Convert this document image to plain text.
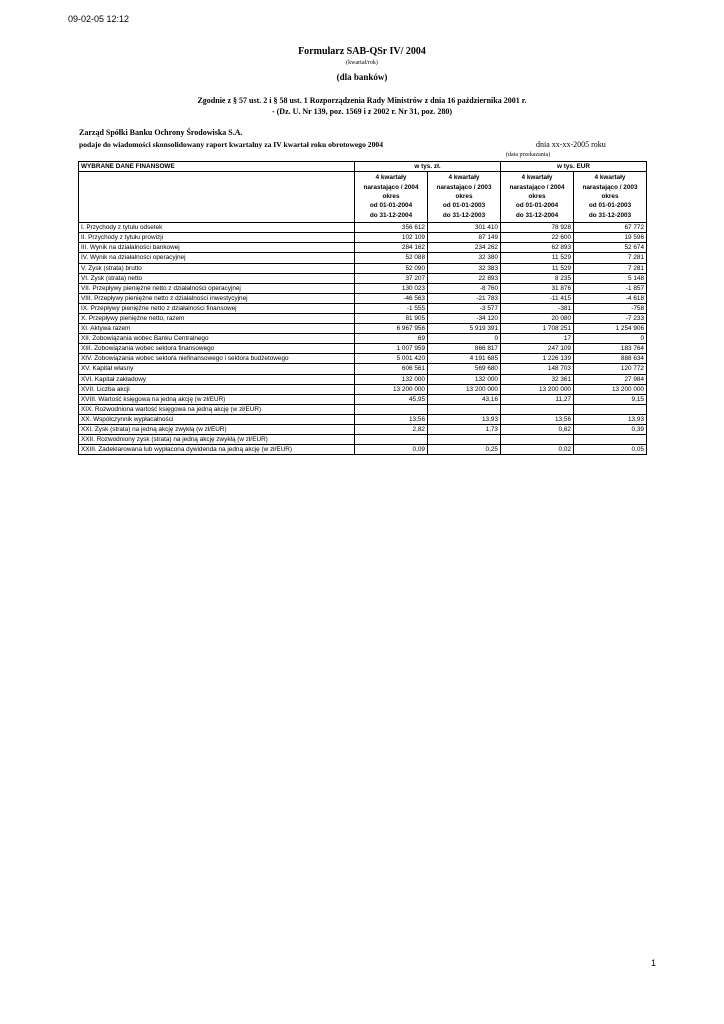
09-02-05 12:12
Formularz SAB-QSr IV/ 2004
(kwartał/rok)
(dla banków)
Zgodnie z § 57 ust. 2 i § 58 ust. 1 Rozporządzenia Rady Ministrów z dnia 16 października 2001 r.
- (Dz. U. Nr 139, poz. 1569 i z 2002 r. Nr 31, poz. 280)
Zarząd Spółki Banku Ochrony Środowiska S.A.
podaje do wiadomości skonsolidowany raport kwartalny za IV kwartał roku obrotowego 2004	dnia xx-xx-2005 roku
(data przekazania)
WYBRANE DANE FINANSOWE	w tys. zł.		w tys. EUR	

	4 kwartały
narastająco / 2004
okres
od 01-01-2004
do 31-12-2004	4 kwartały
narastająco / 2003
okres
od 01-01-2003
do 31-12-2003	4 kwartały
narastająco / 2004
okres
od 01-01-2004
do 31-12-2004	4 kwartały
narastająco / 2003
okres
od 01-01-2003
do 31-12-2003

I. Przychody z tytułu odsetek	356 612	301 410	78 928	67 772
II. Przychody z tytułu prowizji	102 109	87 149	22 600	19 596
III. Wynik na działalności bankowej	284 162	234 262	62 893	52 674
IV. Wynik na działalności operacyjnej	52 088	32 380	11 529	7 281
V. Zysk (strata) brutto	52 090	32 383	11 529	7 281
VI. Zysk (strata) netto	37 207	22 893	8 235	5 148
VII. Przepływy pieniężne netto z działalności operacyjnej	130 023	-8 760	31 876	-1 857
VIII. Przepływy pieniężne netto z działalności inwestycyjnej	-46 563	-21 783	-11 415	-4 618
IX. Przepływy pieniężne netto z działalności finansowej	-1 555	-3 577	-381	-758
X. Przepływy pieniężne netto, razem	81 905	-34 120	20 080	-7 233
XI. Aktywa razem	6 967 956	5 919 391	1 708 251	1 254 906
XII. Zobowiązania wobec Banku Centralnego	69	0	17	0
XIII. Zobowiązania wobec sektora finansowego	1 007 959	866 817	247 109	183 764
XIV. Zobowiązania wobec sektora niefinansowego i sektora budżetowego	5 001 420	4 191 685	1 226 139	888 634
XV. Kapitał własny	606 561	569 680	148 703	120 772
XVI. Kapitał zakładowy	132 000	132 000	32 361	27 984
XVII. Liczba akcji	13 200 000	13 200 000	13 200 000	13 200 000
XVIII. Wartość księgowa na jedną akcję (w zł/EUR)	45,95	43,16	11,27	9,15
XIX. Rozwodniona wartość księgowa na jedną akcję (w zł/EUR)				
XX. Współczynnik wypłacalności	13,56	13,93	13,56	13,93
XXI. Zysk (strata) na jedną akcję zwykłą (w zł/EUR)	2,82	1,73	0,62	0,39
XXII. Rozwodniony zysk (strata) na jedną akcję zwykłą (w zł/EUR)				
XXIII. Zadeklarowana lub wypłacona dywidenda na jedną akcję (w zł/EUR)	0,09	0,25	0,02	0,05
1
